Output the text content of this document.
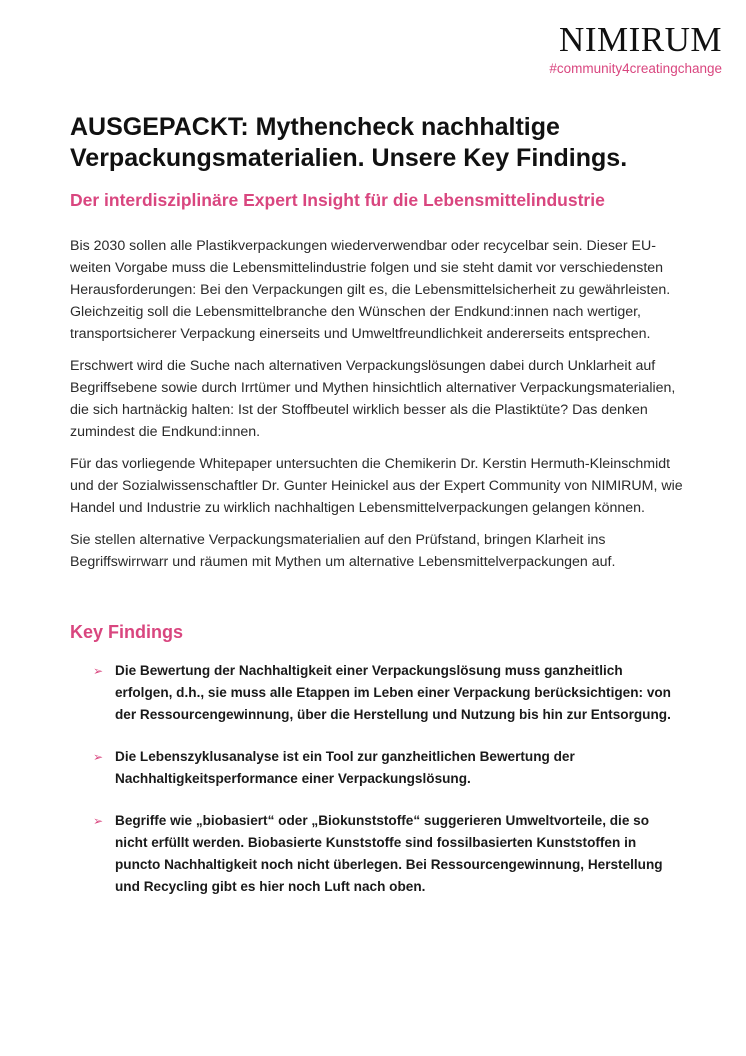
NIMIRUM
#community4creatingchange
AUSGEPACKT: Mythencheck nachhaltige Verpackungsmaterialien. Unsere Key Findings.
Der interdisziplinäre Expert Insight für die Lebensmittelindustrie

Bis 2030 sollen alle Plastikverpackungen wiederverwendbar oder recycelbar sein. Dieser EU-weiten Vorgabe muss die Lebensmittelindustrie folgen und sie steht damit vor verschiedensten Herausforderungen: Bei den Verpackungen gilt es, die Lebensmittelsicherheit zu gewährleisten. Gleichzeitig soll die Lebensmittelbranche den Wünschen der Endkund:innen nach wertiger, transportsicherer Verpackung einerseits und Umweltfreundlichkeit andererseits entsprechen.

Erschwert wird die Suche nach alternativen Verpackungslösungen dabei durch Unklarheit auf Begriffsebene sowie durch Irrtümer und Mythen hinsichtlich alternativer Verpackungsmaterialien, die sich hartnäckig halten: Ist der Stoffbeutel wirklich besser als die Plastiktüte? Das denken zumindest die Endkund:innen.

Für das vorliegende Whitepaper untersuchten die Chemikerin Dr. Kerstin Hermuth-Kleinschmidt und der Sozialwissenschaftler Dr. Gunter Heinickel aus der Expert Community von NIMIRUM, wie Handel und Industrie zu wirklich nachhaltigen Lebensmittelverpackungen gelangen können.

Sie stellen alternative Verpackungsmaterialien auf den Prüfstand, bringen Klarheit ins Begriffswirrwarr und räumen mit Mythen um alternative Lebensmittelverpackungen auf.

Key Findings
➢ Die Bewertung der Nachhaltigkeit einer Verpackungslösung muss ganzheitlich erfolgen, d.h., sie muss alle Etappen im Leben einer Verpackung berücksichtigen: von der Ressourcengewinnung, über die Herstellung und Nutzung bis hin zur Entsorgung.
➢ Die Lebenszyklusanalyse ist ein Tool zur ganzheitlichen Bewertung der Nachhaltigkeitsperformance einer Verpackungslösung.
➢ Begriffe wie „biobasiert“ oder „Biokunststoffe“ suggerieren Umweltvorteile, die so nicht erfüllt werden. Biobasierte Kunststoffe sind fossilbasierten Kunststoffen in puncto Nachhaltigkeit noch nicht überlegen. Bei Ressourcengewinnung, Herstellung und Recycling gibt es hier noch Luft nach oben.
